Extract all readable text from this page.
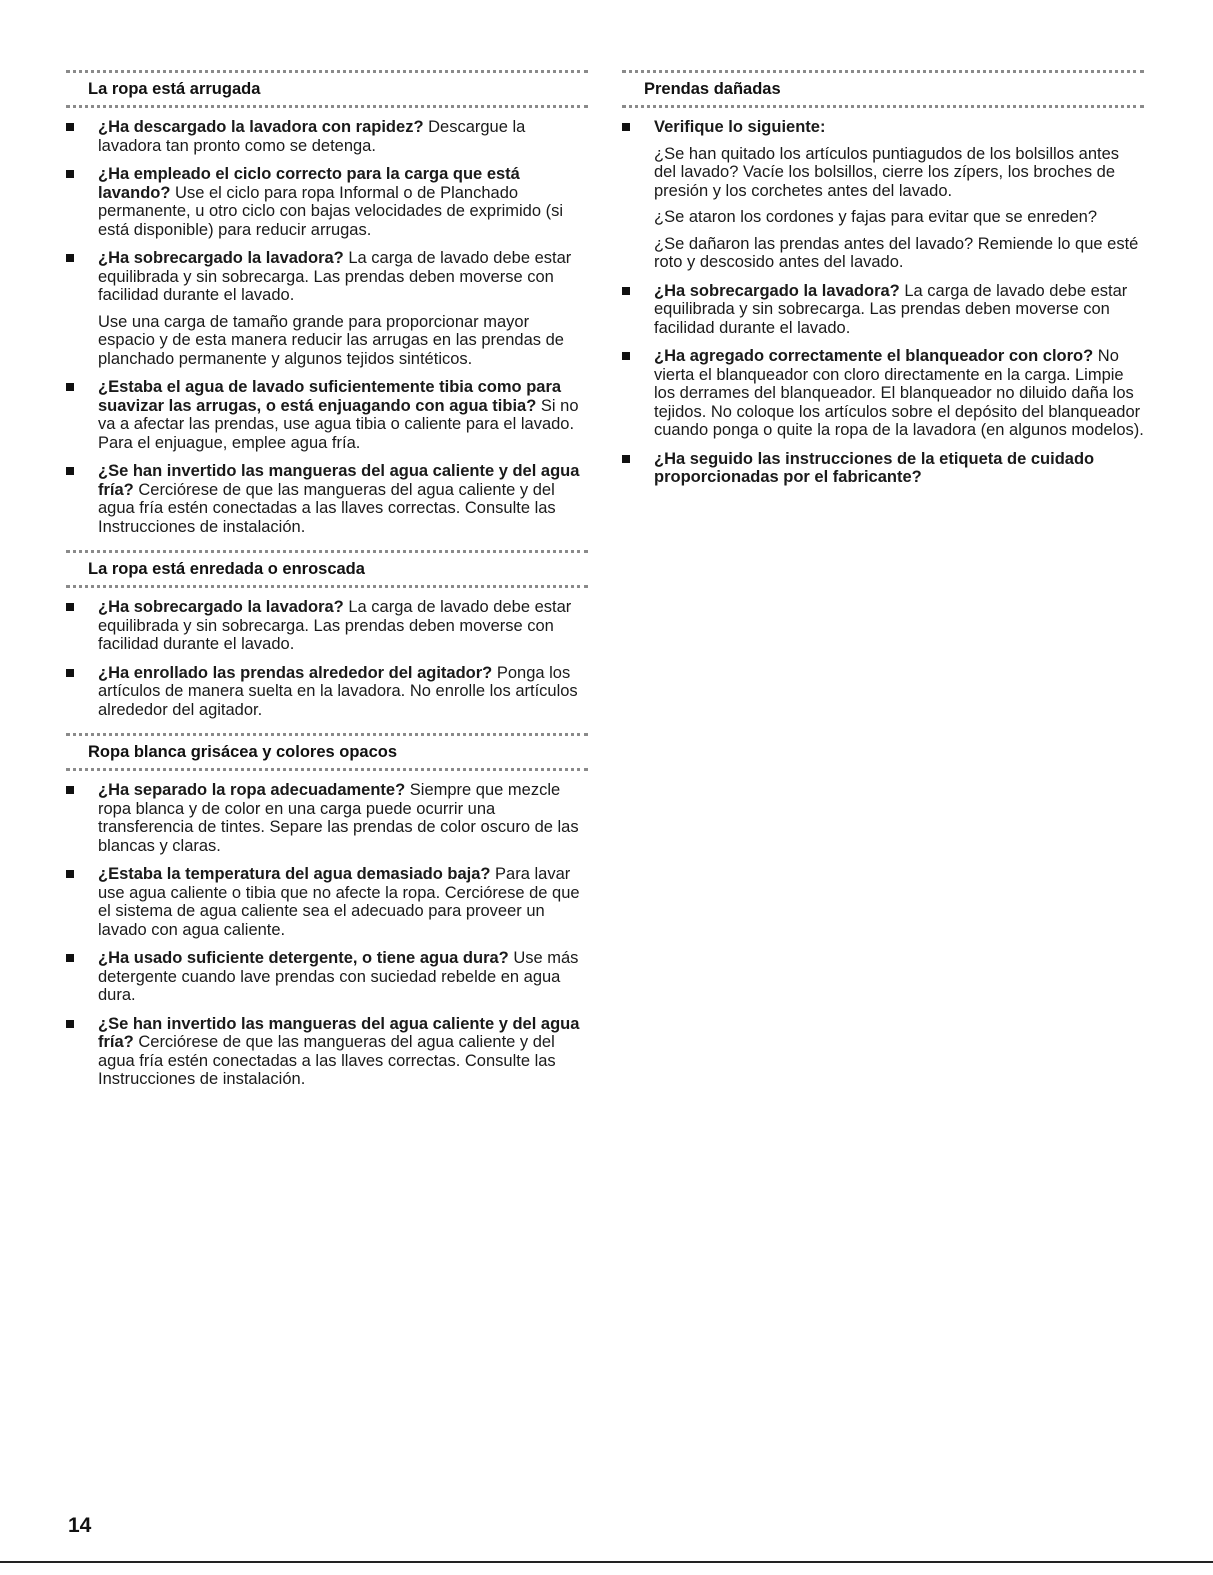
La ropa está arrugada
¿Ha descargado la lavadora con rapidez? Descargue la lavadora tan pronto como se detenga.
¿Ha empleado el ciclo correcto para la carga que está lavando? Use el ciclo para ropa Informal o de Planchado permanente, u otro ciclo con bajas velocidades de exprimido (si está disponible) para reducir arrugas.
¿Ha sobrecargado la lavadora? La carga de lavado debe estar equilibrada y sin sobrecarga. Las prendas deben moverse con facilidad durante el lavado.

Use una carga de tamaño grande para proporcionar mayor espacio y de esta manera reducir las arrugas en las prendas de planchado permanente y algunos tejidos sintéticos.

¿Estaba el agua de lavado suficientemente tibia como para suavizar las arrugas, o está enjuagando con agua tibia? Si no va a afectar las prendas, use agua tibia o caliente para el lavado. Para el enjuague, emplee agua fría.
¿Se han invertido las mangueras del agua caliente y del agua fría? Cerciórese de que las mangueras del agua caliente y del agua fría estén conectadas a las llaves correctas. Consulte las Instrucciones de instalación.
La ropa está enredada o enroscada
¿Ha sobrecargado la lavadora? La carga de lavado debe estar equilibrada y sin sobrecarga. Las prendas deben moverse con facilidad durante el lavado.
¿Ha enrollado las prendas alrededor del agitador? Ponga los artículos de manera suelta en la lavadora. No enrolle los artículos alrededor del agitador.
Ropa blanca grisácea y colores opacos
¿Ha separado la ropa adecuadamente? Siempre que mezcle ropa blanca y de color en una carga puede ocurrir una transferencia de tintes. Separe las prendas de color oscuro de las blancas y claras.
¿Estaba la temperatura del agua demasiado baja? Para lavar use agua caliente o tibia que no afecte la ropa. Cerciórese de que el sistema de agua caliente sea el adecuado para proveer un lavado con agua caliente.
¿Ha usado suficiente detergente, o tiene agua dura? Use más detergente cuando lave prendas con suciedad rebelde en agua dura.
¿Se han invertido las mangueras del agua caliente y del agua fría? Cerciórese de que las mangueras del agua caliente y del agua fría estén conectadas a las llaves correctas. Consulte las Instrucciones de instalación.
Prendas dañadas
Verifique lo siguiente:

¿Se han quitado los artículos puntiagudos de los bolsillos antes del lavado? Vacíe los bolsillos, cierre los zípers, los broches de presión y los corchetes antes del lavado.

¿Se ataron los cordones y fajas para evitar que se enreden?

¿Se dañaron las prendas antes del lavado? Remiende lo que esté roto y descosido antes del lavado.

¿Ha sobrecargado la lavadora? La carga de lavado debe estar equilibrada y sin sobrecarga. Las prendas deben moverse con facilidad durante el lavado.
¿Ha agregado correctamente el blanqueador con cloro? No vierta el blanqueador con cloro directamente en la carga. Limpie los derrames del blanqueador. El blanqueador no diluido daña los tejidos. No coloque los artículos sobre el depósito del blanqueador cuando ponga o quite la ropa de la lavadora (en algunos modelos).
¿Ha seguido las instrucciones de la etiqueta de cuidado proporcionadas por el fabricante?
14
